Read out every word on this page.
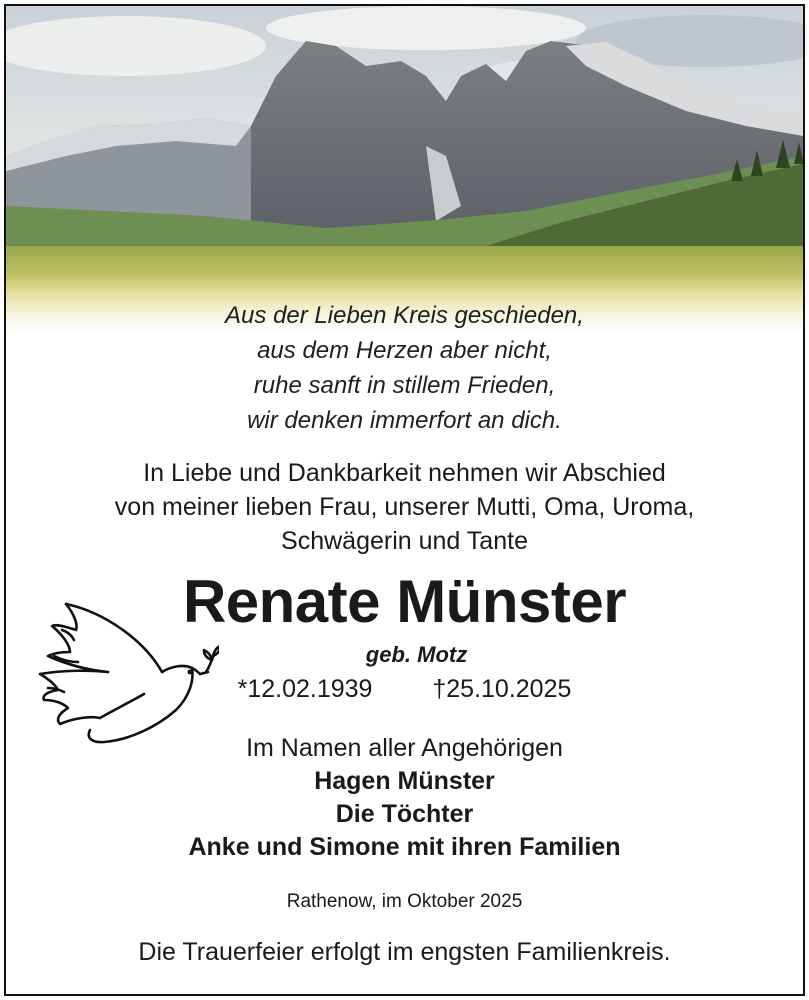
Aus der Lieben Kreis geschieden,
aus dem Herzen aber nicht,
ruhe sanft in stillem Frieden,
wir denken immerfort an dich.
In Liebe und Dankbarkeit nehmen wir Abschied
von meiner lieben Frau, unserer Mutti, Oma, Uroma,
Schwägerin und Tante
Renate Münster
geb. Motz
*12.02.1939 †25.10.2025
Im Namen aller Angehörigen
Hagen Münster
Die Töchter
Anke und Simone mit ihren Familien
Rathenow, im Oktober 2025
Die Trauerfeier erfolgt im engsten Familienkreis.
